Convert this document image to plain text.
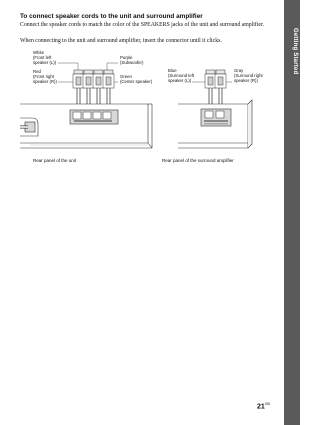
Getting Started
To connect speaker cords to the unit and surround amplifier
Connect the speaker cords to match the color of the SPEAKERS jacks of the unit and surround amplifier.
When connecting to the unit and surround amplifier, insert the connector until it clicks.
White (Front left speaker (L))
Red (Front right speaker (R))
Purple (Subwoofer)
Green (Center speaker)
Rear panel of the unit
Blue (Surround left speaker (L))
Gray (Surround right speaker (R))
Rear panel of the surround amplifier
$21^{GB}$
